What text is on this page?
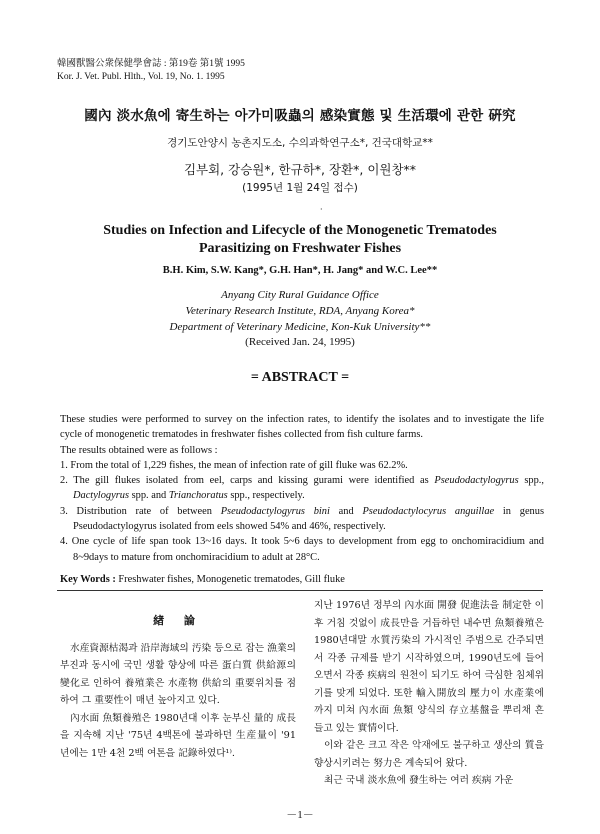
韓國獸醫公衆保健學會誌 : 第19卷 第1號 1995
Kor. J. Vet. Publ. Hlth., Vol. 19, No. 1. 1995
國內 淡水魚에 寄生하는 아가미吸蟲의 感染實態 및 生活環에 관한 硏究
경기도안양시 농촌지도소, 수의과학연구소*, 건국대학교**
김부회, 강승원*, 한규하*, 장환*, 이원창**
(1995년 1월 24일 접수)
·
Studies on Infection and Lifecycle of the Monogenetic Trematodes
Parasitizing on Freshwater Fishes
B.H. Kim, S.W. Kang*, G.H. Han*, H. Jang* and W.C. Lee**
Anyang City Rural Guidance Office
Veterinary Research Institute, RDA, Anyang Korea*
Department of Veterinary Medicine, Kon-Kuk University**
(Received Jan. 24, 1995)
= ABSTRACT =

These studies were performed to survey on the infection rates, to identify the isolates and to investigate the life cycle of monogenetic trematodes in freshwater fishes collected from fish culture farms.

The results obtained were as follows :

1. From the total of 1,229 fishes, the mean of infection rate of gill fluke was 62.2%.

2. The gill flukes isolated from eel, carps and kissing gurami were identified as Pseudodactylogyrus spp., Dactylogyrus spp. and Trianchoratus spp., respectively.

3. Distribution rate of between Pseudodactylogyrus bini and Pseudodactylocyrus anguillae in genus Pseudodactylogyrus isolated from eels showed 54% and 46%, respectively.

4. One cycle of life span took 13~16 days. It took 5~6 days to development from egg to onchomiracidium and 8~9days to mature from onchomiracidium to adult at 28°C.

Key Words : Freshwater fishes, Monogenetic trematodes, Gill fluke
緖 論

水産資源枯渴과 沿岸海域의 汚染 등으로 잡는 漁業의 부진과 동시에 국민 생활 향상에 따른 蛋白質 供給源의 變化로 인하여 養殖業은 水產物 供給의 重要위치를 점하여 그 重要性이 매년 높아지고 있다.

內水面 魚類養殖은 1980년대 이후 눈부신 量的 成長을 지속해 지난 '75년 4백톤에 불과하던 生産量이 '91년에는 1만 4천 2백 여톤을 記錄하였다¹⁾.

지난 1976년 정부의 內水面 開發 促進法을 制定한 이후 거침 것없이 成長만을 거듭하던 내수면 魚類養殖은 1980년대말 水質汚染의 가시적인 주범으로 간주되면서 각종 규제를 받기 시작하였으며, 1990년도에 들어오면서 각종 疾病의 원천이 되기도 하여 극심한 침체위기를 맞게 되었다. 또한 輸入開放의 壓力이 水產業에까지 미쳐 內水面 魚類 양식의 存立基盤을 뿌리채 흔들고 있는 實情이다.

이와 같은 크고 작은 악재에도 불구하고 생산의 質을 향상시키려는 努力은 계속되어 왔다.

최근 국내 淡水魚에 發生하는 여러 疾病 가운

－1－
